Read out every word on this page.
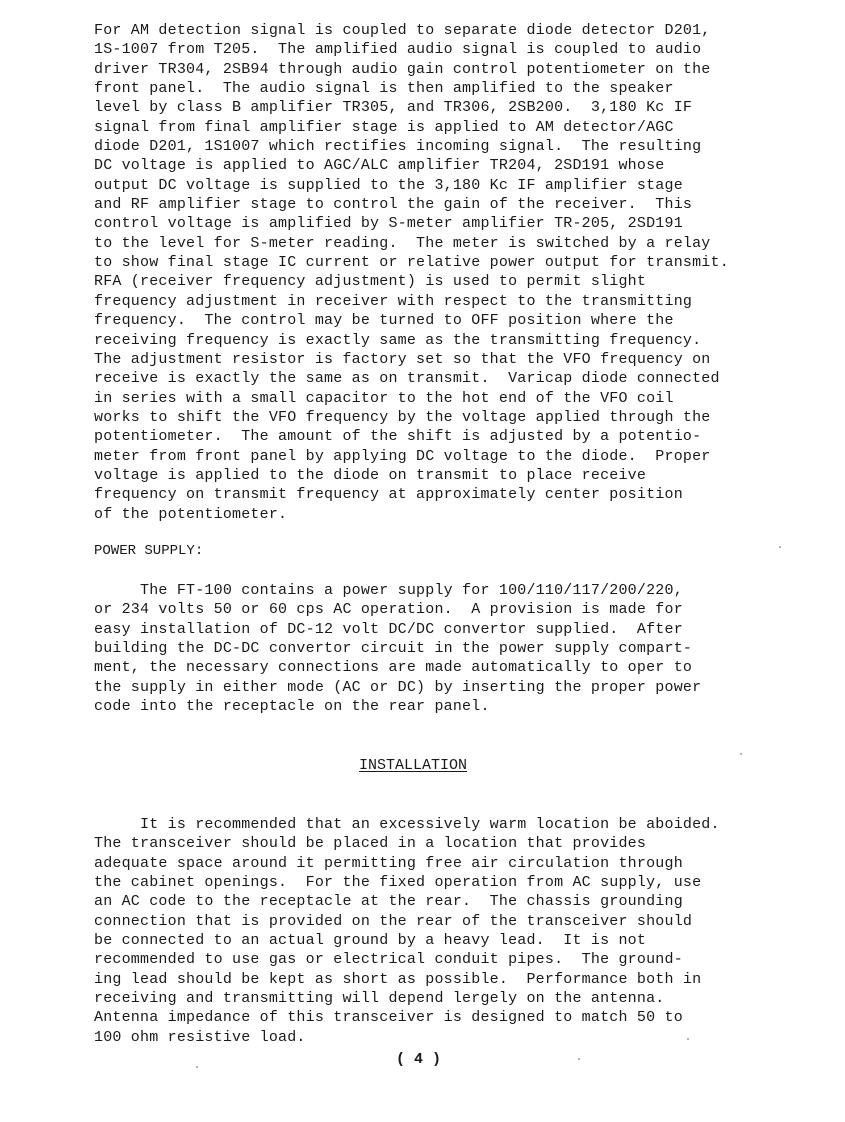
For AM detection signal is coupled to separate diode detector D201,
1S-1007 from T205.  The amplified audio signal is coupled to audio
driver TR304, 2SB94 through audio gain control potentiometer on the
front panel.  The audio signal is then amplified to the speaker
level by class B amplifier TR305, and TR306, 2SB200.  3,180 Kc IF
signal from final amplifier stage is applied to AM detector/AGC
diode D201, 1S1007 which rectifies incoming signal.  The resulting
DC voltage is applied to AGC/ALC amplifier TR204, 2SD191 whose
output DC voltage is supplied to the 3,180 Kc IF amplifier stage
and RF amplifier stage to control the gain of the receiver.  This
control voltage is amplified by S-meter amplifier TR-205, 2SD191
to the level for S-meter reading.  The meter is switched by a relay
to show final stage IC current or relative power output for transmit.
RFA (receiver frequency adjustment) is used to permit slight
frequency adjustment in receiver with respect to the transmitting
frequency.  The control may be turned to OFF position where the
receiving frequency is exactly same as the transmitting frequency.
The adjustment resistor is factory set so that the VFO frequency on
receive is exactly the same as on transmit.  Varicap diode connected
in series with a small capacitor to the hot end of the VFO coil
works to shift the VFO frequency by the voltage applied through the
potentiometer.  The amount of the shift is adjusted by a potentio-
meter from front panel by applying DC voltage to the diode.  Proper
voltage is applied to the diode on transmit to place receive
frequency on transmit frequency at approximately center position
of the potentiometer.
POWER SUPPLY:
The FT-100 contains a power supply for 100/110/117/200/220,
or 234 volts 50 or 60 cps AC operation.  A provision is made for
easy installation of DC-12 volt DC/DC convertor supplied.  After
building the DC-DC convertor circuit in the power supply compart-
ment, the necessary connections are made automatically to oper to
the supply in either mode (AC or DC) by inserting the proper power
code into the receptacle on the rear panel.
INSTALLATION
It is recommended that an excessively warm location be aboided.
The transceiver should be placed in a location that provides
adequate space around it permitting free air circulation through
the cabinet openings.  For the fixed operation from AC supply, use
an AC code to the receptacle at the rear.  The chassis grounding
connection that is provided on the rear of the transceiver should
be connected to an actual ground by a heavy lead.  It is not
recommended to use gas or electrical conduit pipes.  The ground-
ing lead should be kept as short as possible.  Performance both in
receiving and transmitting will depend lergely on the antenna.
Antenna impedance of this transceiver is designed to match 50 to
100 ohm resistive load.
( 4 )
